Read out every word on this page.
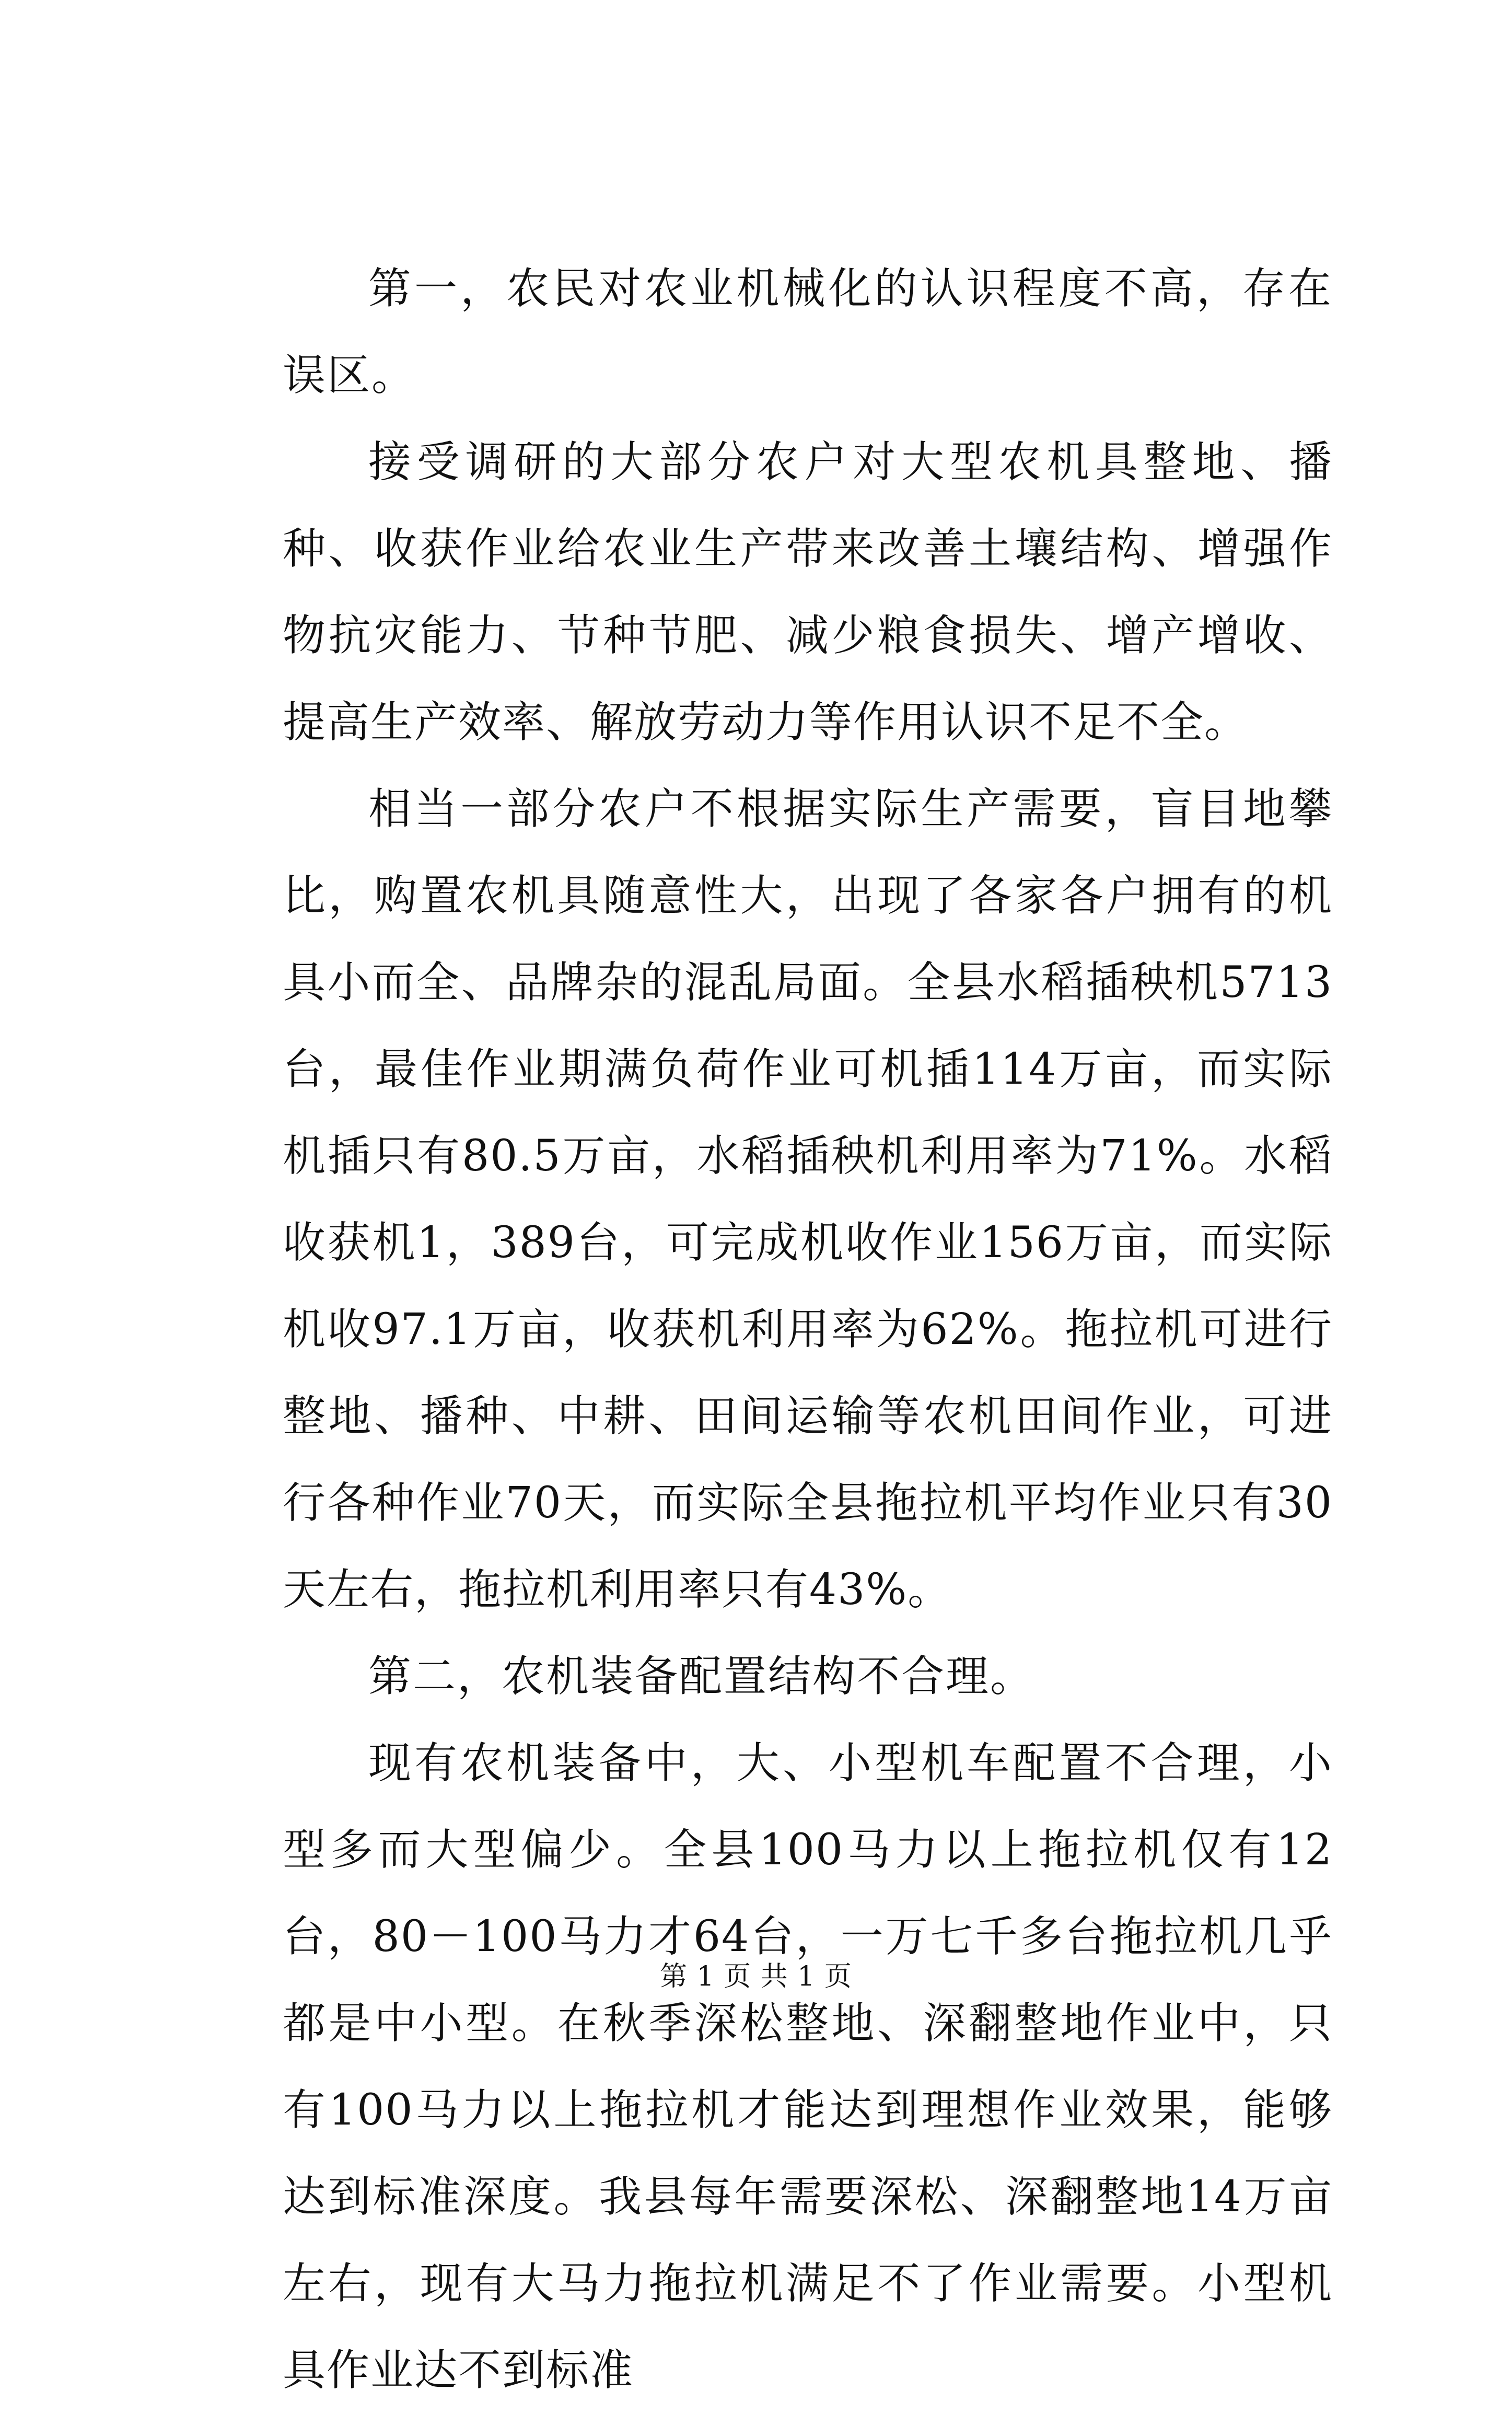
第一，农民对农业机械化的认识程度不高，存在误区。

接受调研的大部分农户对大型农机具整地、播种、收获作业给农业生产带来改善土壤结构、增强作物抗灾能力、节种节肥、减少粮食损失、增产增收、提高生产效率、解放劳动力等作用认识不足不全。

相当一部分农户不根据实际生产需要，盲目地攀比，购置农机具随意性大，出现了各家各户拥有的机具小而全、品牌杂的混乱局面。全县水稻插秧机5713台，最佳作业期满负荷作业可机插114万亩，而实际机插只有80.5万亩，水稻插秧机利用率为71%。水稻收获机1，389台，可完成机收作业156万亩，而实际机收97.1万亩，收获机利用率为62%。拖拉机可进行整地、播种、中耕、田间运输等农机田间作业，可进行各种作业70天，而实际全县拖拉机平均作业只有30天左右，拖拉机利用率只有43%。

第二，农机装备配置结构不合理。

现有农机装备中，大、小型机车配置不合理，小型多而大型偏少。全县100马力以上拖拉机仅有12台，80－100马力才64台，一万七千多台拖拉机几乎都是中小型。在秋季深松整地、深翻整地作业中，只有100马力以上拖拉机才能达到理想作业效果，能够达到标准深度。我县每年需要深松、深翻整地14万亩左右，现有大马力拖拉机满足不了作业需要。小型机具作业达不到标准

第 1 页 共 1 页
